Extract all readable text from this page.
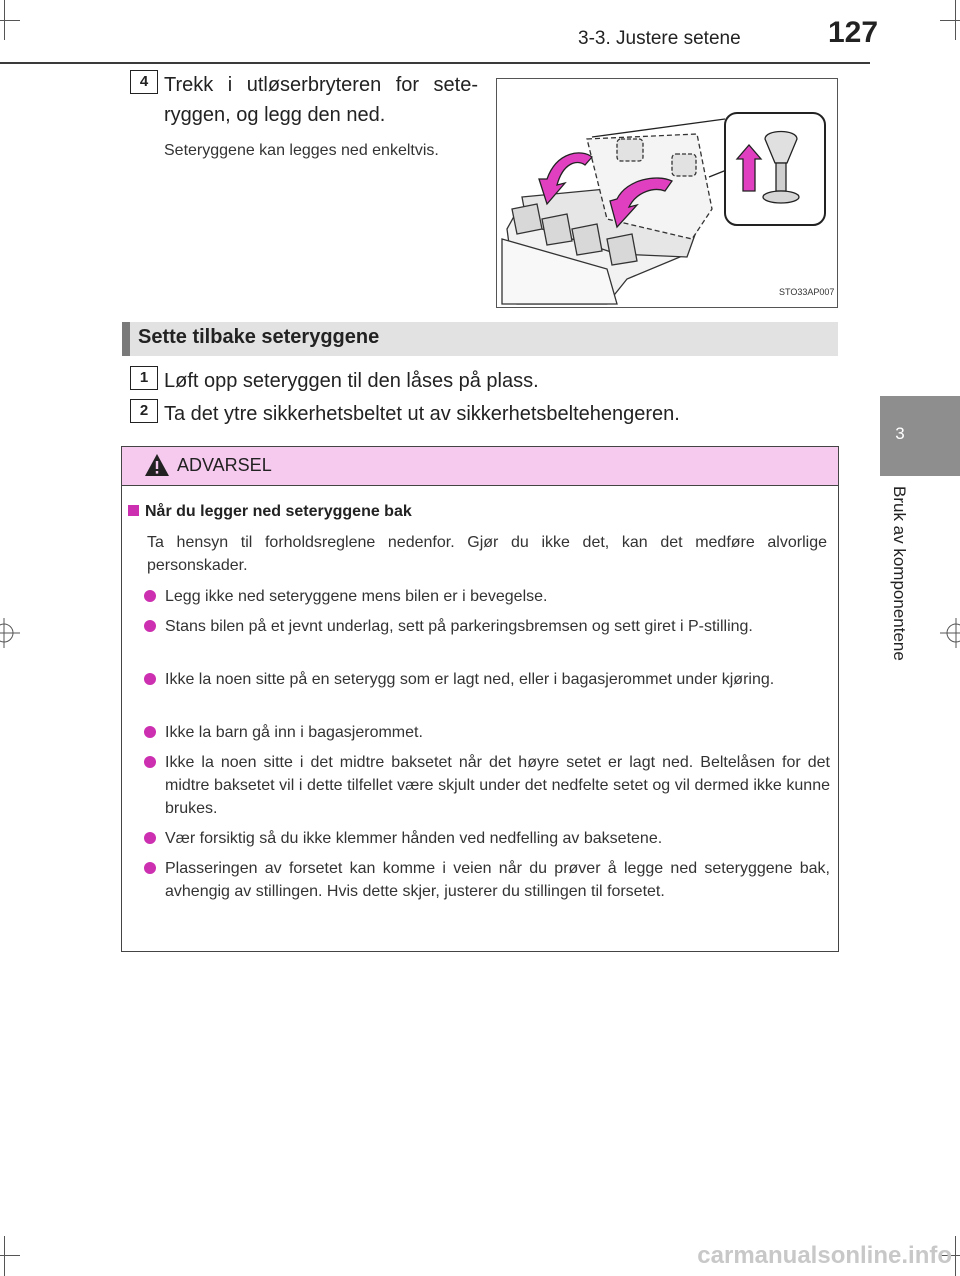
3-3. Justere setene	127
3
Bruk av komponentene
4 Trekk i utløserbryteren for sete-ryggen, og legg den ned.
Seteryggene kan legges ned enkeltvis.
STO33AP007
Sette tilbake seteryggene
1 Løft opp seteryggen til den låses på plass.
2 Ta det ytre sikkerhetsbeltet ut av sikkerhetsbeltehengeren.
ADVARSEL
Når du legger ned seteryggene bak
Ta hensyn til forholdsreglene nedenfor. Gjør du ikke det, kan det medføre alvorlige personskader.
Legg ikke ned seteryggene mens bilen er i bevegelse.
Stans bilen på et jevnt underlag, sett på parkeringsbremsen og sett giret i P-stilling.
Ikke la noen sitte på en seterygg som er lagt ned, eller i bagasjerommet under kjøring.
Ikke la barn gå inn i bagasjerommet.
Ikke la noen sitte i det midtre baksetet når det høyre setet er lagt ned. Beltelåsen for det midtre baksetet vil i dette tilfellet være skjult under det nedfelte setet og vil dermed ikke kunne brukes.
Vær forsiktig så du ikke klemmer hånden ved nedfelling av baksetene.
Plasseringen av forsetet kan komme i veien når du prøver å legge ned seteryggene bak, avhengig av stillingen. Hvis dette skjer, justerer du stillingen til forsetet.
carmanualsonline.info
